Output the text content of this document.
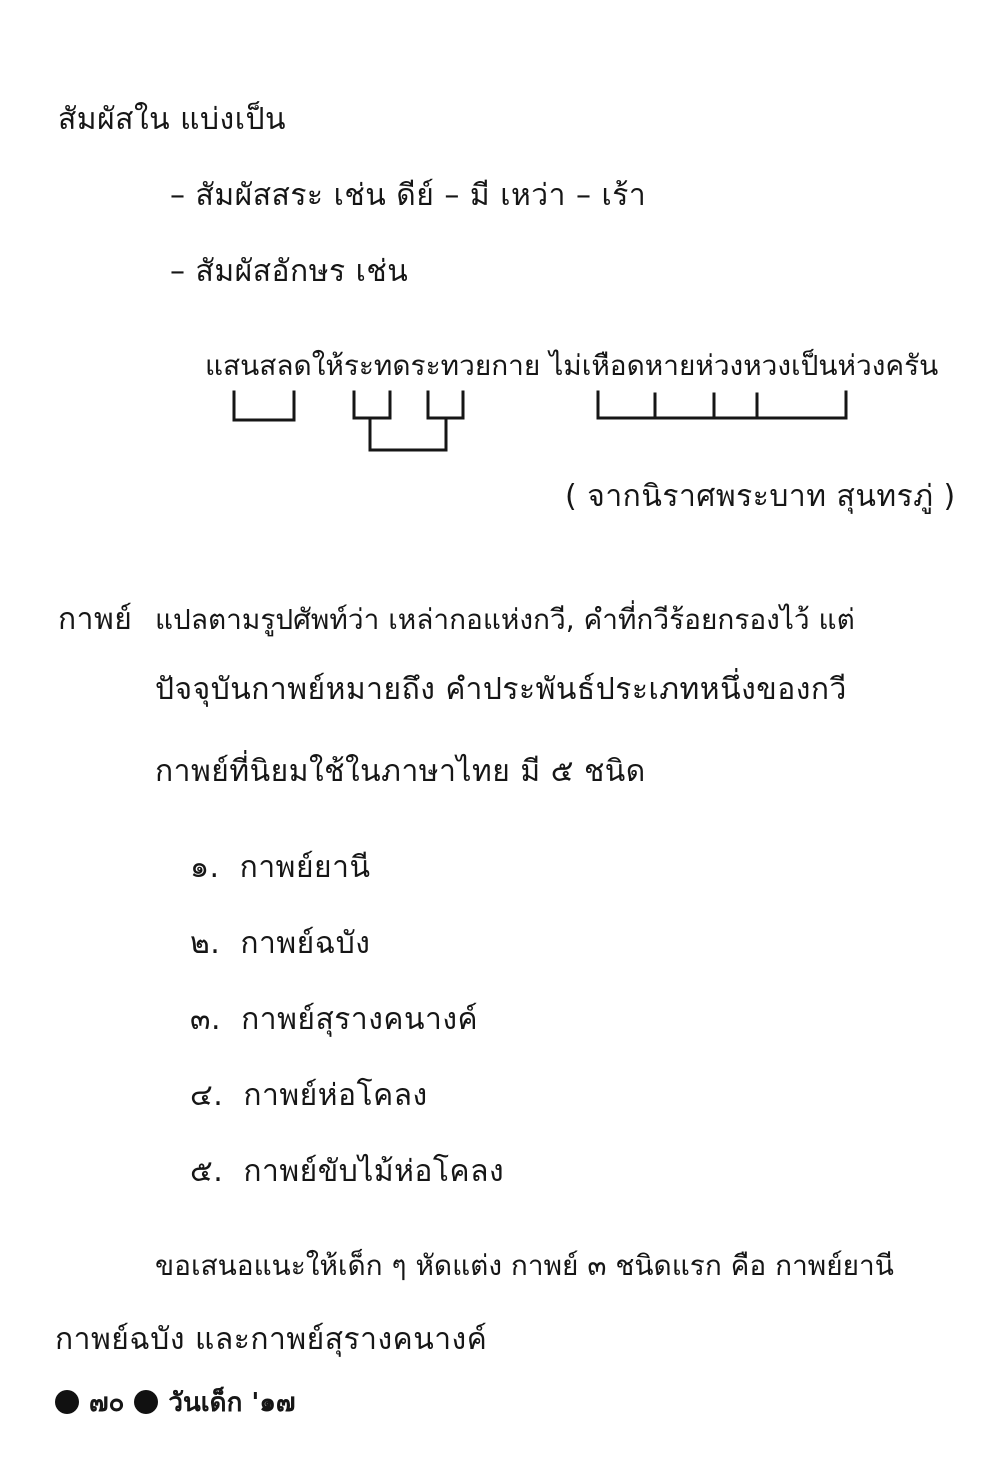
สัมผัสใน แบ่งเป็น
– สัมผัสสระ เช่น ดีย์ – มี เหว่า – เร้า
– สัมผัสอักษร เช่น
แสนสลดให้ระทดระทวยกาย ไม่เหือดหายห่วงหวงเป็นห่วงครัน
( จากนิราศพระบาท สุนทรภู่ )
กาพย์ แปลตามรูปศัพท์ว่า เหล่ากอแห่งกวี, คำที่กวีร้อยกรองไว้ แต่
ปัจจุบันกาพย์หมายถึง คำประพันธ์ประเภทหนึ่งของกวี
กาพย์ที่นิยมใช้ในภาษาไทย มี ๕ ชนิด
๑. กาพย์ยานี
๒. กาพย์ฉบัง
๓. กาพย์สุรางคนางค์
๔. กาพย์ห่อโคลง
๕. กาพย์ขับไม้ห่อโคลง
ขอเสนอแนะให้เด็ก ๆ หัดแต่ง กาพย์ ๓ ชนิดแรก คือ กาพย์ยานี
กาพย์ฉบัง และกาพย์สุรางคนางค์
๗๐ วันเด็ก '๑๗
